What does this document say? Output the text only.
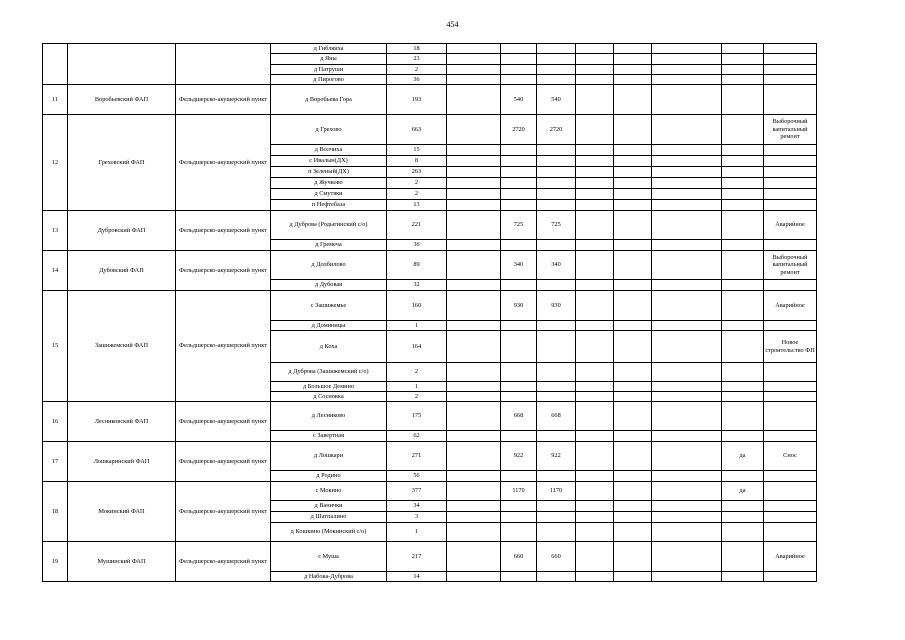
454
			д Гибляиха	18								
			д Яны	23								
			д Патруши	2								
			д Пирогово	36								
11	Воробьевский ФАП	Фельдшерско-акушерский пункт	д Воробьева Гора	193		540	540					
12	Греховский ФАП	Фельдшерско-акушерский пункт	д Грехово	663		2720	2720					Выборочный капитальный ремонт
			д Волчиха	15								
			с Ивалын(ДХ)	8								
			п Зеленый(ДХ)	263								
			д Жучково	2								
			д Смутяки	2								
			п Нефтебаза	13								
13	Дубровский ФАП	Фельдшерско-акушерский пункт	д Дуброва (Родыгинский с/о)	221		725	725					Аварийное
			д Гремеча	36								
14	Дубовский ФАП	Фельдшерско-акушерский пункт	д Долбилово	89		340	340					Выборочный капитальный ремонт
			д Дубовая	32								
15	Зашижемский ФАП	Фельдшерско-акушерский пункт	с Зашижемье	160		930	930					Аварийное
			д Доминицы	1								
			д Коха	164								Новое строительство ФП
			д Дуброва (Зашижемский с/о)	2								
			д Большое Демино	1								
			д Сосновка	2								
16	Лесниковский ФАП	Фельдшерско-акушерский пункт	д Лесниково	175		668	668					
			с Завертная	62								
17	Лошкаринский ФАП	Фельдшерско-акушерский пункт	д Лошкари	271		922	922				да	Снос
			д Родино	56								
18	Мокинский ФАП	Фельдшерско-акушерский пункт	с Мокино	377		1170	1170				да	
			д Ванички	34								
			д Шатпалино	3								
			д Кошкино (Мокинский с/о)	1								
19	Мушинский ФАП	Фельдшерско-акушерский пункт	с Муша	217		660	660					Аварийное
			д Набока-Дуброва	14								
